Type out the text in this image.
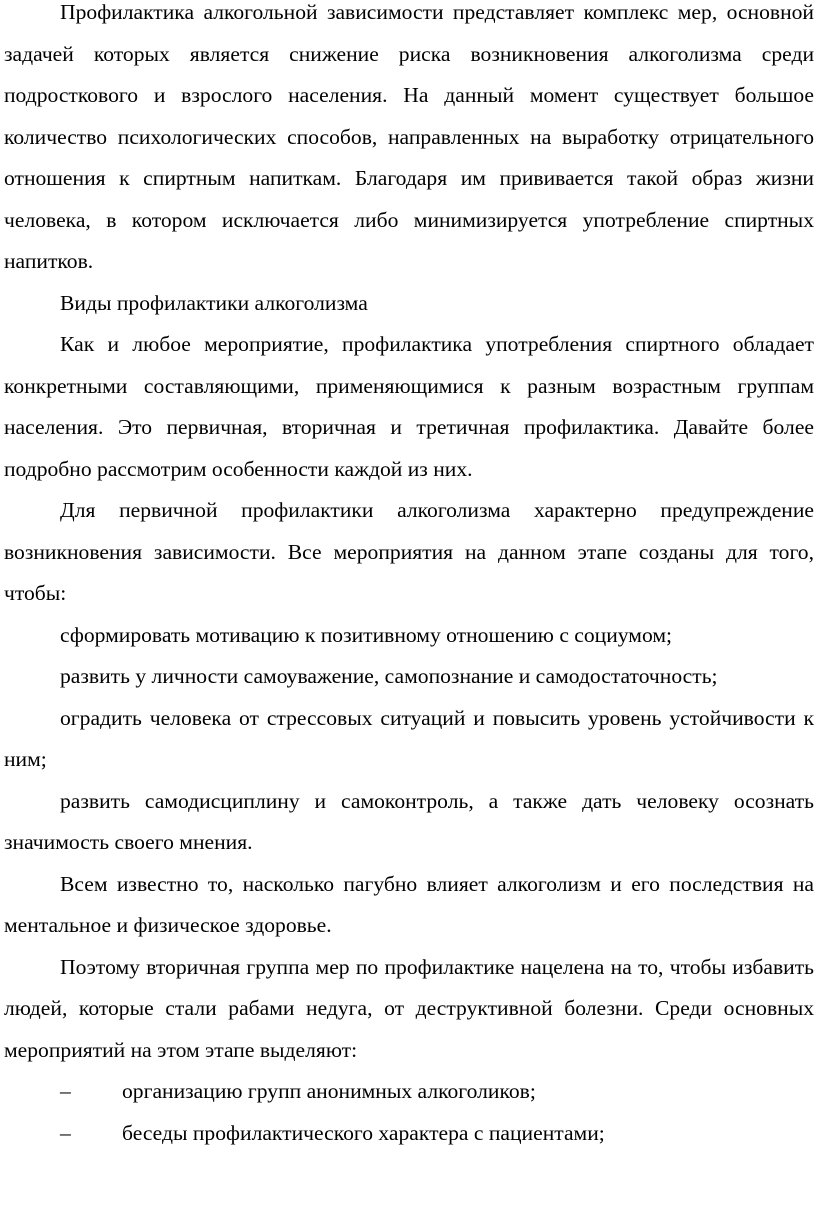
Профилактика алкогольной зависимости представляет комплекс мер, основной задачей которых является снижение риска возникновения алкоголизма среди подросткового и взрослого населения. На данный момент существует большое количество психологических способов, направленных на выработку отрицательного отношения к спиртным напиткам. Благодаря им прививается такой образ жизни человека, в котором исключается либо минимизируется употребление спиртных напитков.

Виды профилактики алкоголизма

Как и любое мероприятие, профилактика употребления спиртного обладает конкретными составляющими, применяющимися к разным возрастным группам населения. Это первичная, вторичная и третичная профилактика. Давайте более подробно рассмотрим особенности каждой из них.

Для первичной профилактики алкоголизма характерно предупреждение возникновения зависимости. Все мероприятия на данном этапе созданы для того, чтобы:

сформировать мотивацию к позитивному отношению с социумом;

развить у личности самоуважение, самопознание и самодостаточность;

оградить человека от стрессовых ситуаций и повысить уровень устойчивости к ним;

развить самодисциплину и самоконтроль, а также дать человеку осознать значимость своего мнения.

Всем известно то, насколько пагубно влияет алкоголизм и его последствия на ментальное и физическое здоровье.

Поэтому вторичная группа мер по профилактике нацелена на то, чтобы избавить людей, которые стали рабами недуга, от деструктивной болезни. Среди основных мероприятий на этом этапе выделяют:

– организацию групп анонимных алкоголиков;
– беседы профилактического характера с пациентами;
